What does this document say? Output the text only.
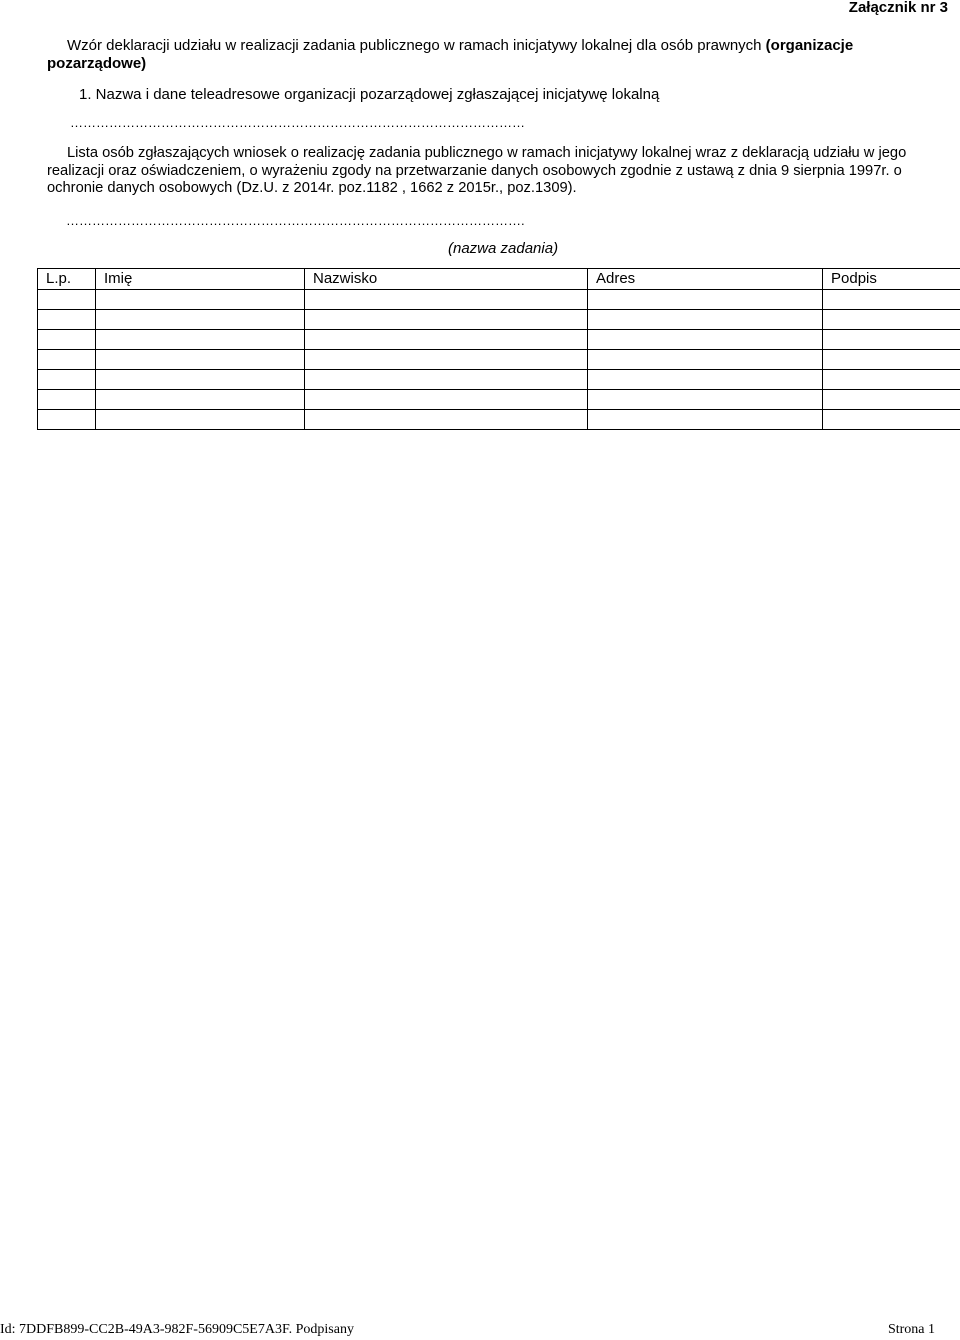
Załącznik nr 3
Wzór deklaracji udziału w realizacji zadania publicznego w ramach inicjatywy lokalnej dla osób prawnych (organizacje pozarządowe)
1. Nazwa i dane teleadresowe organizacji pozarządowej zgłaszającej inicjatywę lokalną
……………………………………………………………………………………………
Lista osób zgłaszających wniosek o realizację zadania publicznego w ramach inicjatywy lokalnej wraz z deklaracją udziału w jego realizacji oraz oświadczeniem, o wyrażeniu zgody na przetwarzanie danych osobowych zgodnie z ustawą z dnia 9 sierpnia 1997r. o ochronie danych osobowych (Dz.U. z 2014r. poz.1182 , 1662 z 2015r., poz.1309).
…………………………………………………………………………………………….
(nazwa zadania)
L.p.	Imię	Nazwisko	Adres	Podpis

Id: 7DDFB899-CC2B-49A3-982F-56909C5E7A3F. Podpisany	Strona 1
